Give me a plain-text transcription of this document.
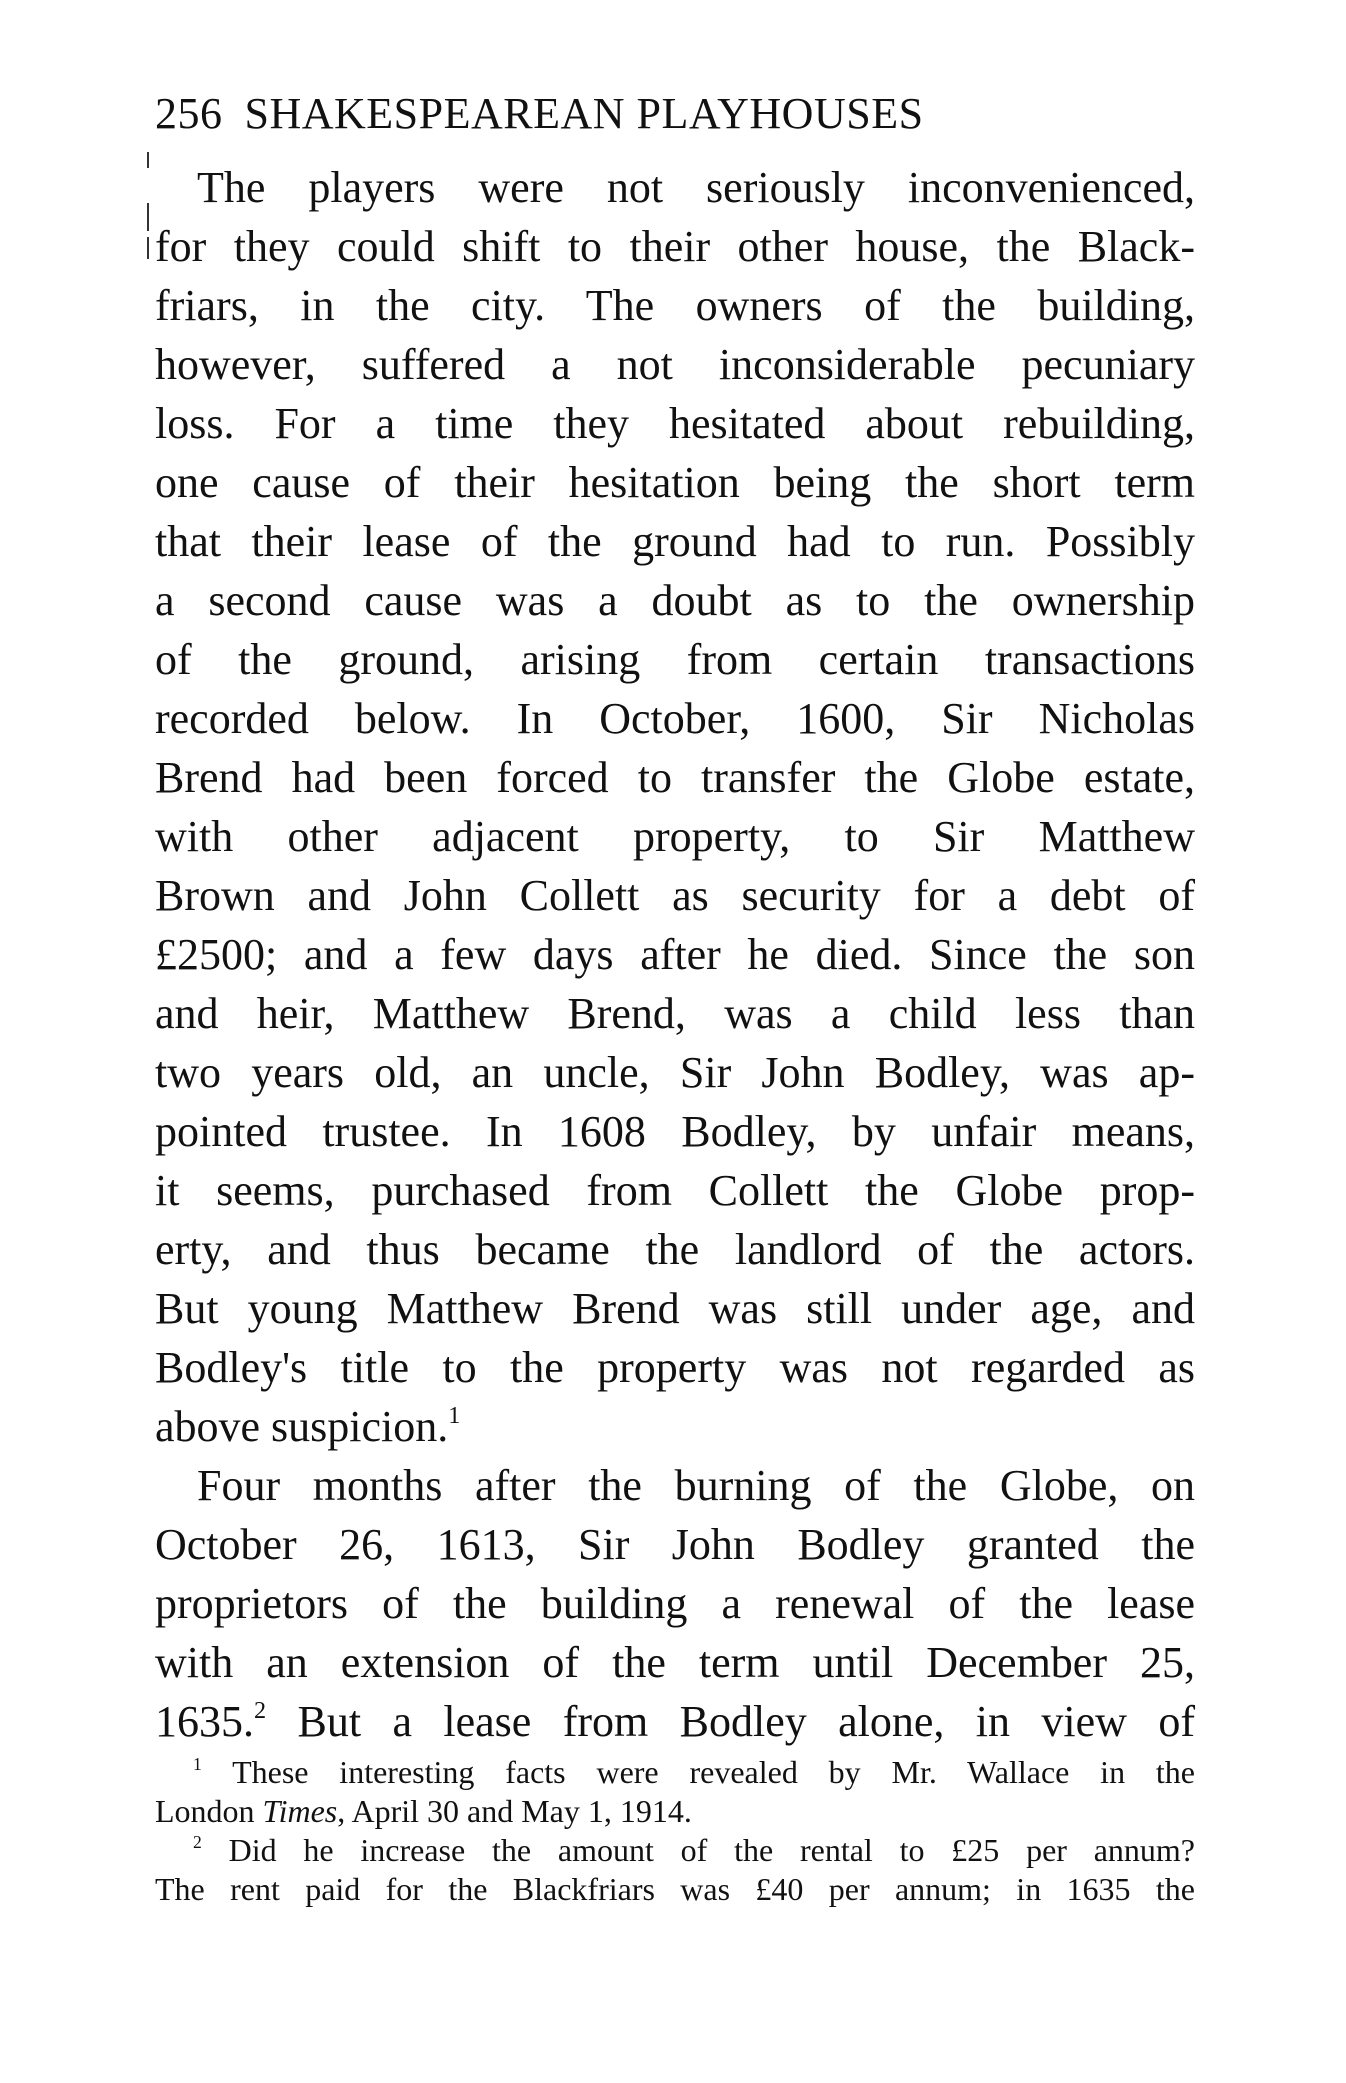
256 SHAKESPEAREAN PLAYHOUSES
The players were not seriously inconvenienced,
for they could shift to their other house, the Black-
friars, in the city. The owners of the building,
however, suffered a not inconsiderable pecuniary
loss. For a time they hesitated about rebuilding,
one cause of their hesitation being the short term
that their lease of the ground had to run. Possibly
a second cause was a doubt as to the ownership
of the ground, arising from certain transactions
recorded below. In October, 1600, Sir Nicholas
Brend had been forced to transfer the Globe estate,
with other adjacent property, to Sir Matthew
Brown and John Collett as security for a debt of
£2500; and a few days after he died. Since the son
and heir, Matthew Brend, was a child less than
two years old, an uncle, Sir John Bodley, was ap-
pointed trustee. In 1608 Bodley, by unfair means,
it seems, purchased from Collett the Globe prop-
erty, and thus became the landlord of the actors.
But young Matthew Brend was still under age, and
Bodley's title to the property was not regarded as
above suspicion.$^1$
Four months after the burning of the Globe, on
October 26, 1613, Sir John Bodley granted the
proprietors of the building a renewal of the lease
with an extension of the term until December 25,
1635.$^2$ But a lease from Bodley alone, in view of
$^1$ These interesting facts were revealed by Mr. Wallace in the
London Times, April 30 and May 1, 1914.
$^2$ Did he increase the amount of the rental to £25 per annum?
The rent paid for the Blackfriars was £40 per annum; in 1635 the
